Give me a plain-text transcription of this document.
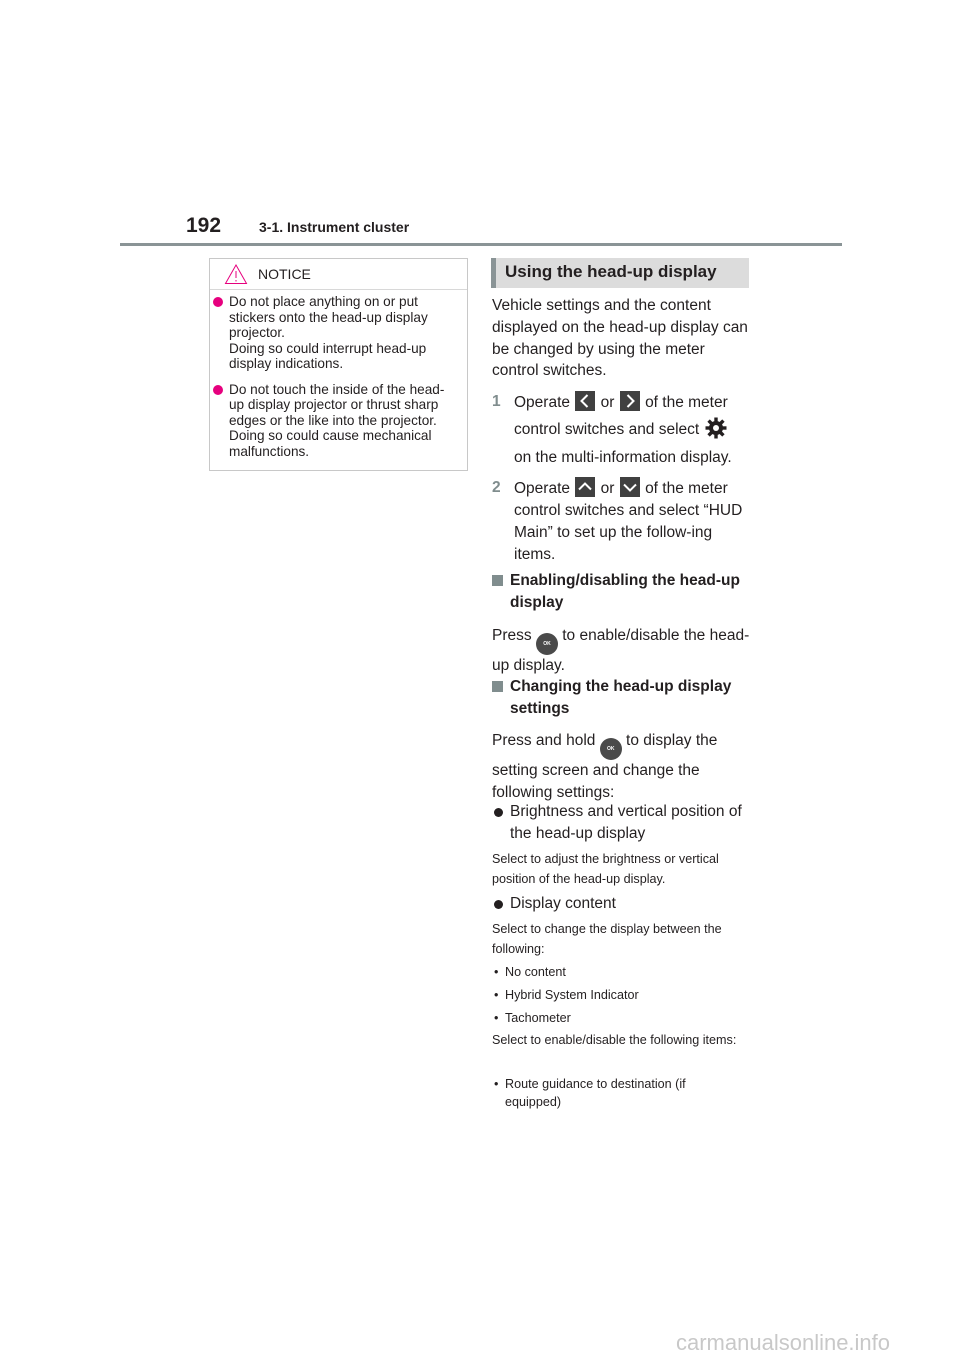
192	3-1. Instrument cluster
NOTICE
Do not place anything on or put stickers onto the head-up display projector.
Doing so could interrupt head-up display indications.
Do not touch the inside of the head-up display projector or thrust sharp edges or the like into the projector. Doing so could cause mechanical malfunctions.
Using the head-up display
Vehicle settings and the content displayed on the head-up display can be changed by using the meter control switches.
1 Operate or of the meter
control switches and select
on the multi-information display.
2 Operate or of the meter control switches and select “HUD Main” to set up the follow-ing items.
Enabling/disabling the head-up display
Press OK to enable/disable the head-up display.
Changing the head-up display settings
Press and hold OK to display the setting screen and change the following settings:
Brightness and vertical position of the head-up display
Select to adjust the brightness or vertical position of the head-up display.
Display content
Select to change the display between the following:
• No content
• Hybrid System Indicator
• Tachometer
Select to enable/disable the following items:
• Route guidance to destination (if equipped)
carmanualsonline.info
